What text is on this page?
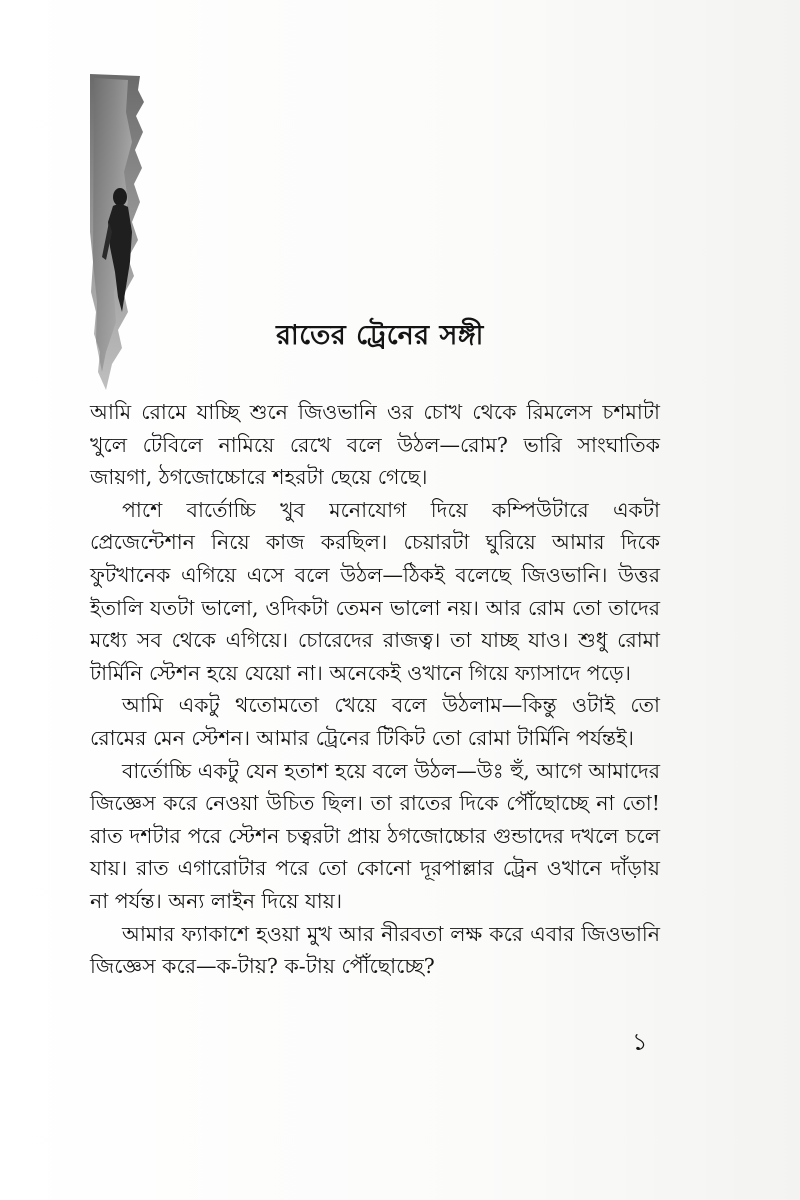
রাতের ট্রেনের সঙ্গী

আমি রোমে যাচ্ছি শুনে জিওভানি ওর চোখ থেকে রিমলেস চশমাটা খুলে টেবিলে নামিয়ে রেখে বলে উঠল—রোম? ভারি সাংঘাতিক জায়গা, ঠগজোচ্চোরে শহরটা ছেয়ে গেছে।

পাশে বার্তোচ্চি খুব মনোযোগ দিয়ে কম্পিউটারে একটা প্রেজেন্টেশান নিয়ে কাজ করছিল। চেয়ারটা ঘুরিয়ে আমার দিকে ফুটখানেক এগিয়ে এসে বলে উঠল—ঠিকই বলেছে জিওভানি। উত্তর ইতালি যতটা ভালো, ওদিকটা তেমন ভালো নয়। আর রোম তো তাদের মধ্যে সব থেকে এগিয়ে। চোরেদের রাজত্ব। তা যাচ্ছ যাও। শুধু রোমা টার্মিনি স্টেশন হয়ে যেয়ো না। অনেকেই ওখানে গিয়ে ফ্যাসাদে পড়ে।

আমি একটু থতোমতো খেয়ে বলে উঠলাম—কিন্তু ওটাই তো রোমের মেন স্টেশন। আমার ট্রেনের টিকিট তো রোমা টার্মিনি পর্যন্তই।

বার্তোচ্চি একটু যেন হতাশ হয়ে বলে উঠল—উঃ হুঁ, আগে আমাদের জিজ্ঞেস করে নেওয়া উচিত ছিল। তা রাতের দিকে পৌঁছোচ্ছে না তো! রাত দশটার পরে স্টেশন চত্বরটা প্রায় ঠগজোচ্চোর গুন্ডাদের দখলে চলে যায়। রাত এগারোটার পরে তো কোনো দূরপাল্লার ট্রেন ওখানে দাঁড়ায় না পর্যন্ত। অন্য লাইন দিয়ে যায়।

আমার ফ্যাকাশে হওয়া মুখ আর নীরবতা লক্ষ করে এবার জিওভানি জিজ্ঞেস করে—ক-টায়? ক-টায় পৌঁছোচ্ছে?

১
